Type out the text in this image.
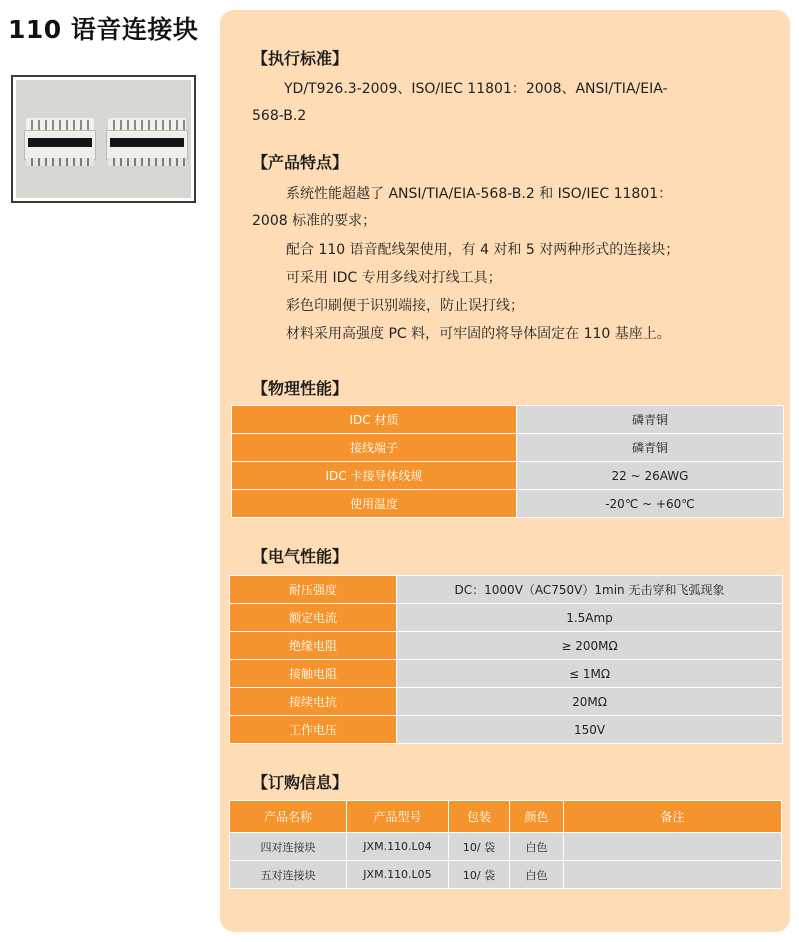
110 语音连接块
【执行标准】
YD/T926.3-2009、ISO/IEC 11801：2008、ANSI/TIA/EIA-
568-B.2
【产品特点】
系统性能超越了 ANSI/TIA/EIA-568-B.2 和 ISO/IEC 11801：
2008 标准的要求；
配合 110 语音配线架使用，有 4 对和 5 对两种形式的连接块；
可采用 IDC 专用多线对打线工具；
彩色印刷便于识别端接，防止误打线；
材料采用高强度 PC 料，可牢固的将导体固定在 110 基座上。
【物理性能】
IDC 材质	磷青铜
接线端子	磷青铜
IDC 卡接导体线规	22 ~ 26AWG
使用温度	-20℃ ~ +60℃
【电气性能】
耐压强度	DC：1000V（AC750V）1min 无击穿和飞弧现象
额定电流	1.5Amp
绝缘电阻	≥ 200MΩ
接触电阻	≤ 1MΩ
接续电抗	20MΩ
工作电压	150V
【订购信息】
产品名称	产品型号	包装	颜色	备注
四对连接块	JXM.110.L04	10/ 袋	白色	
五对连接块	JXM.110.L05	10/ 袋	白色	
